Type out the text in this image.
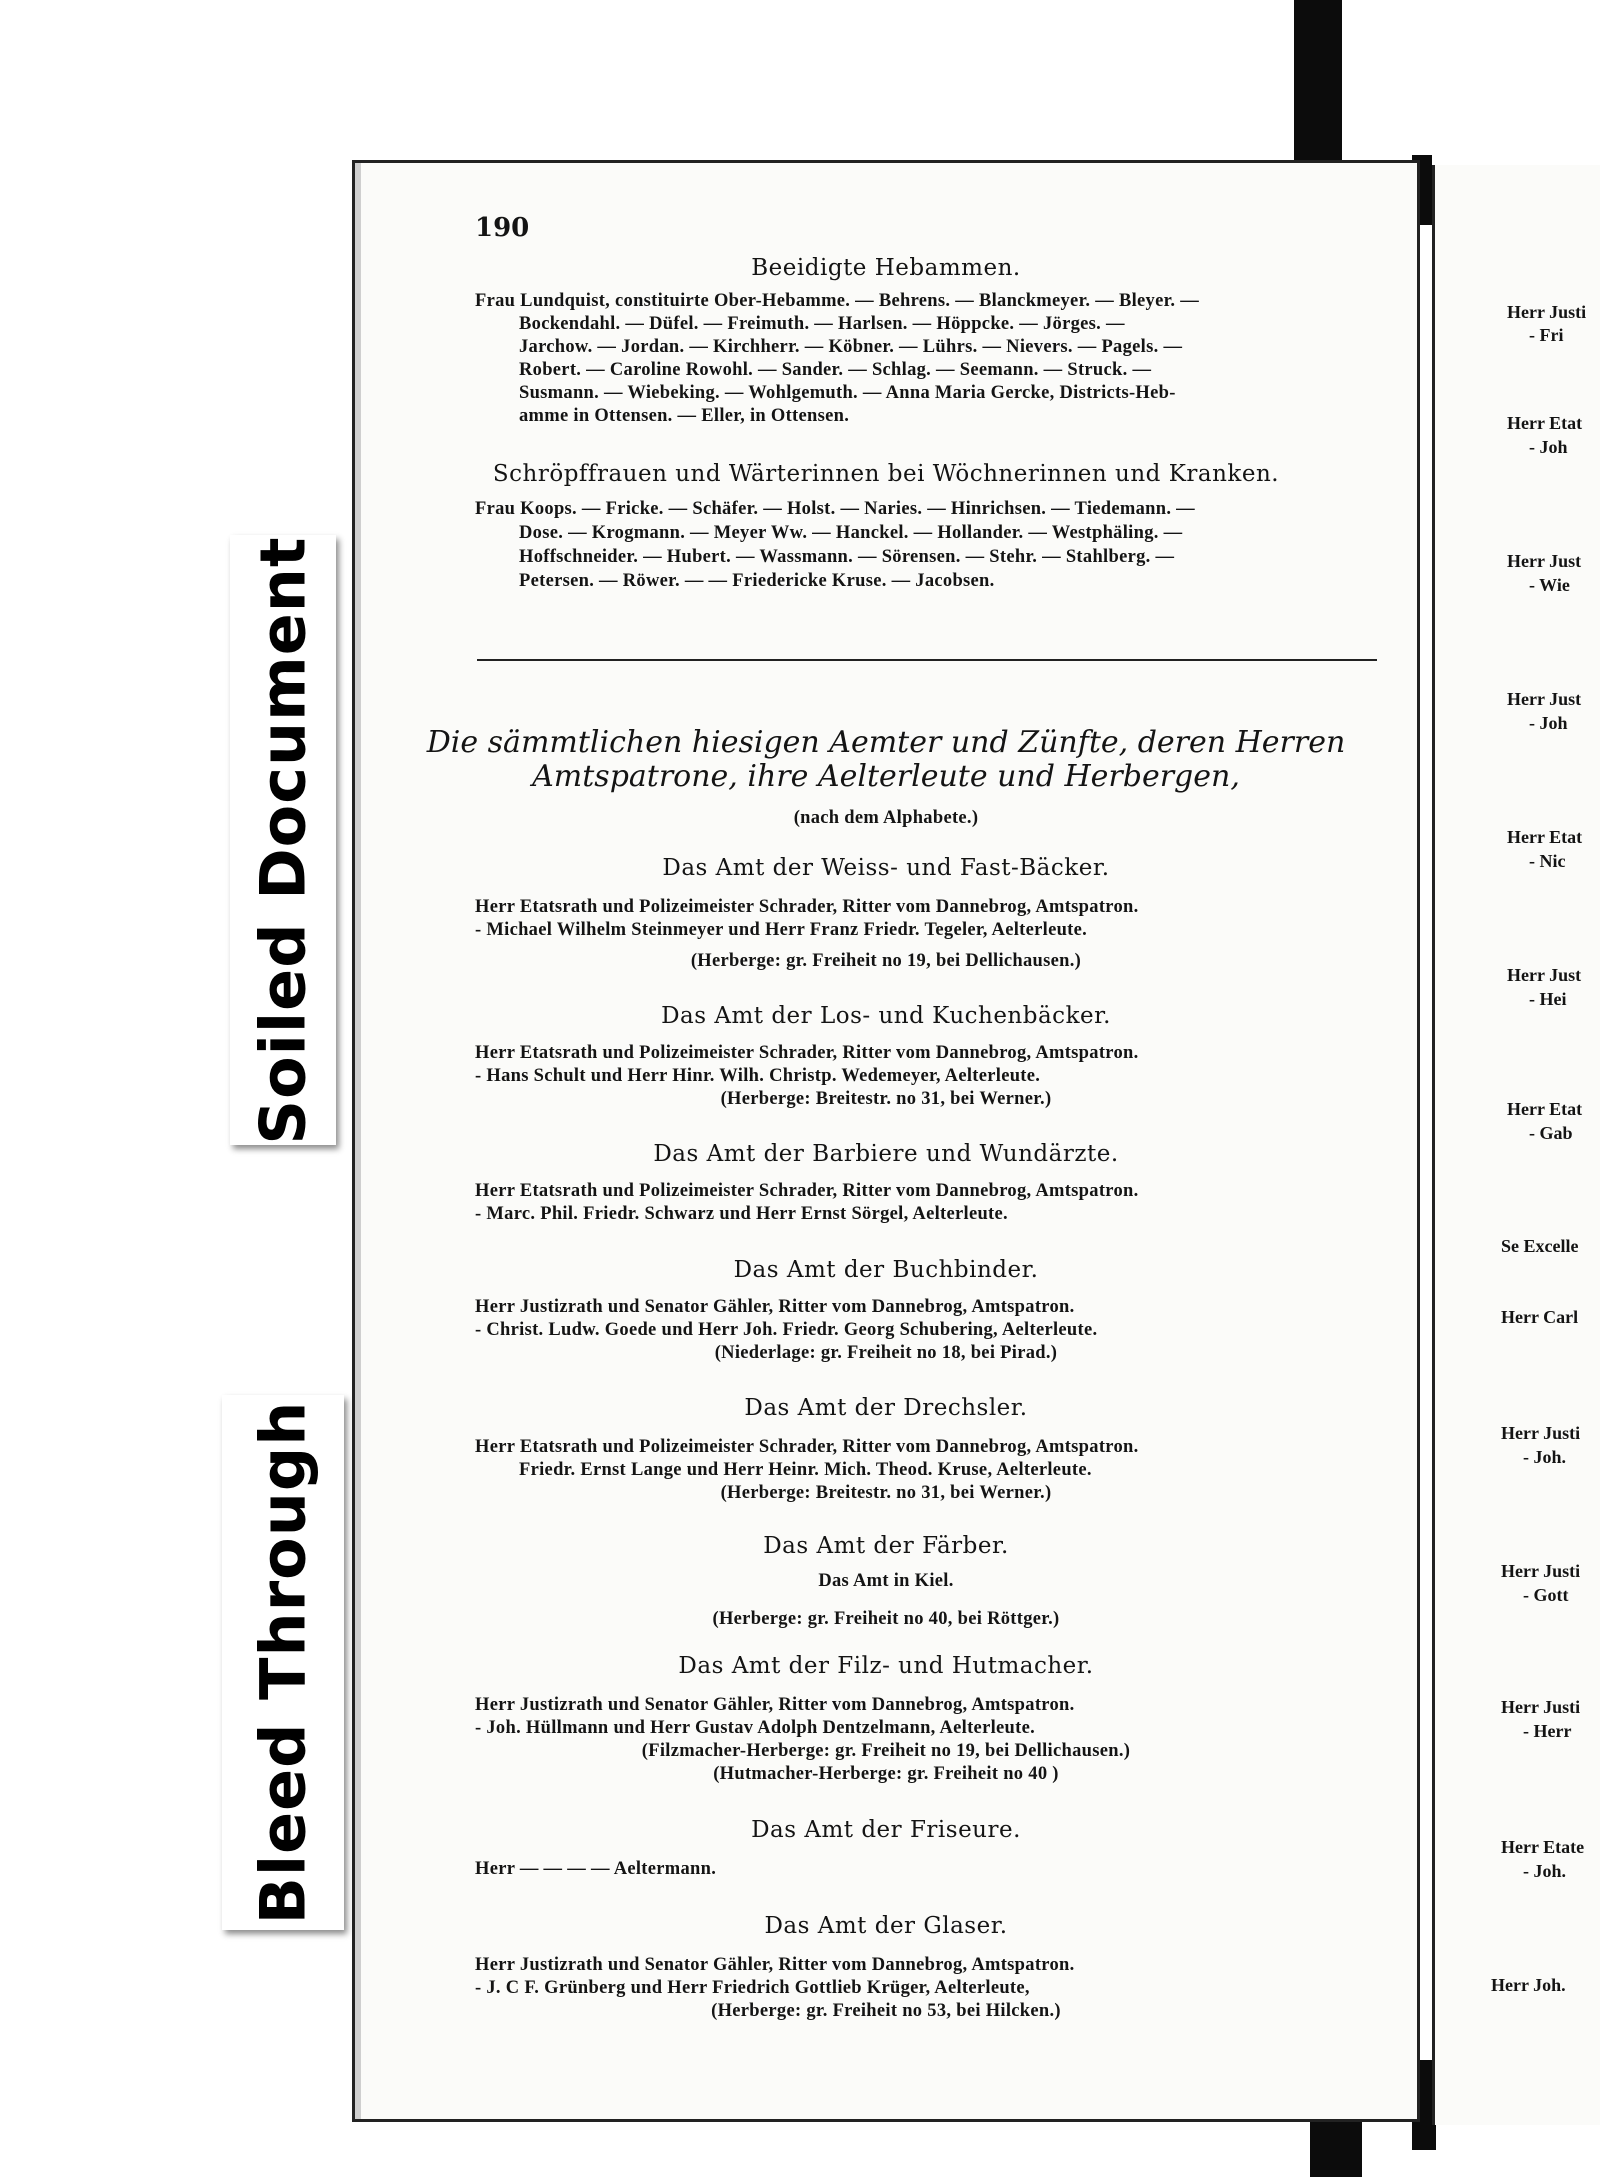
Soiled Document
Bleed Through
190
Beeidigte Hebammen.
Frau Lundquist, constituirte Ober-Hebamme. — Behrens. — Blanckmeyer. — Bleyer. —
Bockendahl. — Düfel. — Freimuth. — Harlsen. — Höppcke. — Jörges. —
Jarchow. — Jordan. — Kirchherr. — Köbner. — Lührs. — Nievers. — Pagels. —
Robert. — Caroline Rowohl. — Sander. — Schlag. — Seemann. — Struck. —
Susmann. — Wiebeking. — Wohlgemuth. — Anna Maria Gercke, Districts-Heb-
amme in Ottensen. — Eller, in Ottensen.
Schröpffrauen und Wärterinnen bei Wöchnerinnen und Kranken.
Frau Koops. — Fricke. — Schäfer. — Holst. — Naries. — Hinrichsen. — Tiedemann. —
Dose. — Krogmann. — Meyer Ww. — Hanckel. — Hollander. — Westphäling. —
Hoffschneider. — Hubert. — Wassmann. — Sörensen. — Stehr. — Stahlberg. —
Petersen. — Röwer. — — Friedericke Kruse. — Jacobsen.
Die sämmtlichen hiesigen Aemter und Zünfte, deren Herren
Amtspatrone, ihre Aelterleute und Herbergen,
(nach dem Alphabete.)
Das Amt der Weiss- und Fast-Bäcker.
Herr Etatsrath und Polizeimeister Schrader, Ritter vom Dannebrog, Amtspatron.
- Michael Wilhelm Steinmeyer und Herr Franz Friedr. Tegeler, Aelterleute.
(Herberge: gr. Freiheit no 19, bei Dellichausen.)
Das Amt der Los- und Kuchenbäcker.
Herr Etatsrath und Polizeimeister Schrader, Ritter vom Dannebrog, Amtspatron.
- Hans Schult und Herr Hinr. Wilh. Christp. Wedemeyer, Aelterleute.
(Herberge: Breitestr. no 31, bei Werner.)
Das Amt der Barbiere und Wundärzte.
Herr Etatsrath und Polizeimeister Schrader, Ritter vom Dannebrog, Amtspatron.
- Marc. Phil. Friedr. Schwarz und Herr Ernst Sörgel, Aelterleute.
Das Amt der Buchbinder.
Herr Justizrath und Senator Gähler, Ritter vom Dannebrog, Amtspatron.
- Christ. Ludw. Goede und Herr Joh. Friedr. Georg Schubering, Aelterleute.
(Niederlage: gr. Freiheit no 18, bei Pirad.)
Das Amt der Drechsler.
Herr Etatsrath und Polizeimeister Schrader, Ritter vom Dannebrog, Amtspatron.
Friedr. Ernst Lange und Herr Heinr. Mich. Theod. Kruse, Aelterleute.
(Herberge: Breitestr. no 31, bei Werner.)
Das Amt der Färber.
Das Amt in Kiel.
(Herberge: gr. Freiheit no 40, bei Röttger.)
Das Amt der Filz- und Hutmacher.
Herr Justizrath und Senator Gähler, Ritter vom Dannebrog, Amtspatron.
- Joh. Hüllmann und Herr Gustav Adolph Dentzelmann, Aelterleute.
(Filzmacher-Herberge: gr. Freiheit no 19, bei Dellichausen.)
(Hutmacher-Herberge: gr. Freiheit no 40 )
Das Amt der Friseure.
Herr — — — — Aeltermann.
Das Amt der Glaser.
Herr Justizrath und Senator Gähler, Ritter vom Dannebrog, Amtspatron.
- J. C F. Grünberg und Herr Friedrich Gottlieb Krüger, Aelterleute,
(Herberge: gr. Freiheit no 53, bei Hilcken.)
Herr Justi
- Fri
Herr Etat
- Joh
Herr Just
- Wie
Herr Just
- Joh
Herr Etat
- Nic
Herr Just
- Hei
Herr Etat
- Gab
Se Excelle
Herr Carl
Herr Justi
- Joh.
Herr Justi
- Gott
Herr Justi
- Herr
Herr Etate
- Joh.
Herr Joh.
